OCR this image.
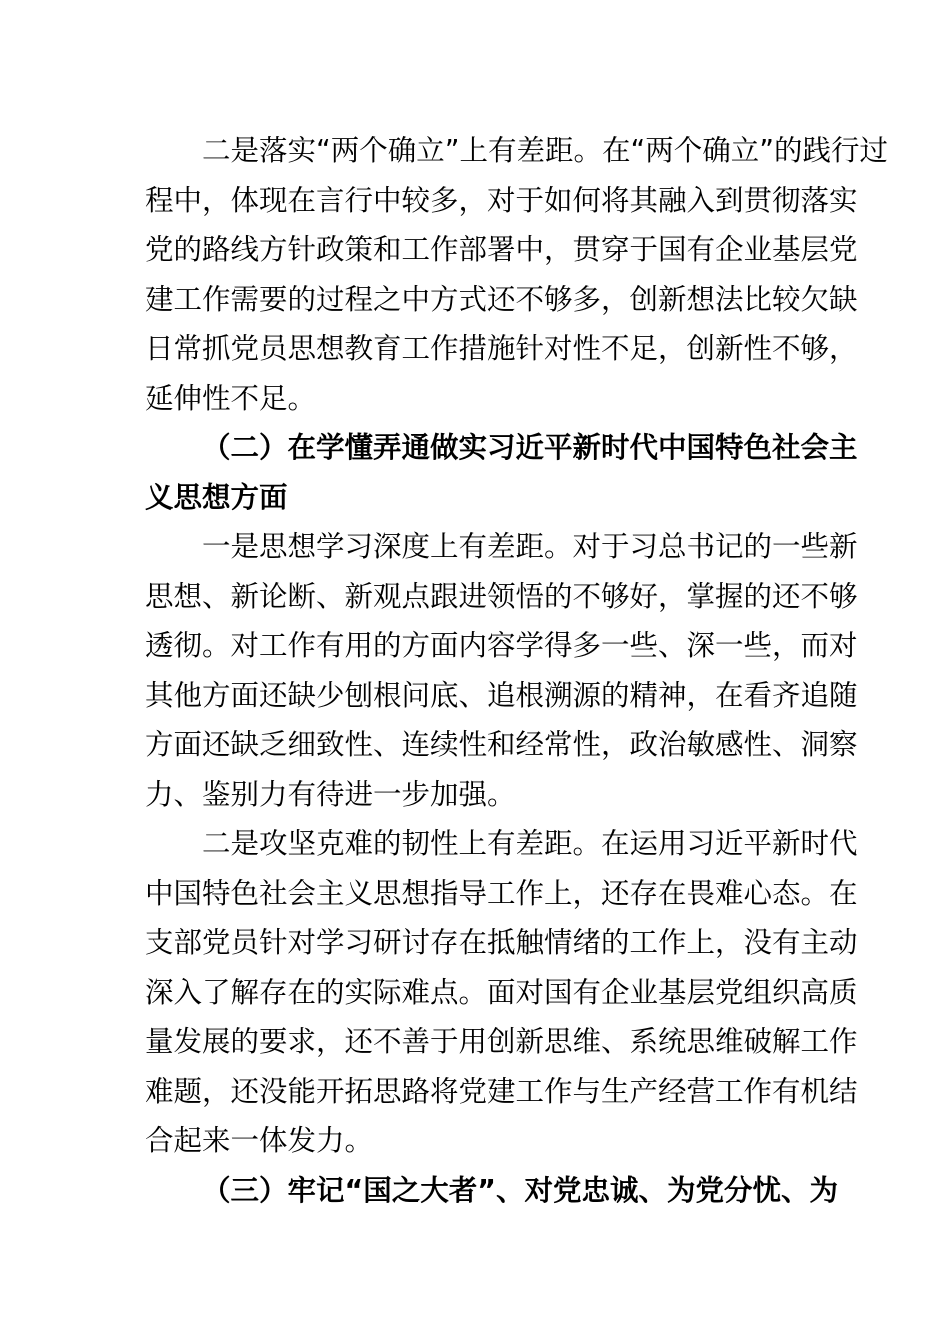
二是落实“两个确立”上有差距。在“两个确立”的践行过
程中，体现在言行中较多，对于如何将其融入到贯彻落实
党的路线方针政策和工作部署中，贯穿于国有企业基层党
建工作需要的过程之中方式还不够多，创新想法比较欠缺
日常抓党员思想教育工作措施针对性不足，创新性不够，
延伸性不足。
（二）在学懂弄通做实习近平新时代中国特色社会主
义思想方面
一是思想学习深度上有差距。对于习总书记的一些新
思想、新论断、新观点跟进领悟的不够好，掌握的还不够
透彻。对工作有用的方面内容学得多一些、深一些，而对
其他方面还缺少刨根问底、追根溯源的精神，在看齐追随
方面还缺乏细致性、连续性和经常性，政治敏感性、洞察
力、鉴别力有待进一步加强。
二是攻坚克难的韧性上有差距。在运用习近平新时代
中国特色社会主义思想指导工作上，还存在畏难心态。在
支部党员针对学习研讨存在抵触情绪的工作上，没有主动
深入了解存在的实际难点。面对国有企业基层党组织高质
量发展的要求，还不善于用创新思维、系统思维破解工作
难题，还没能开拓思路将党建工作与生产经营工作有机结
合起来一体发力。
（三）牢记“国之大者”、对党忠诚、为党分忧、为
